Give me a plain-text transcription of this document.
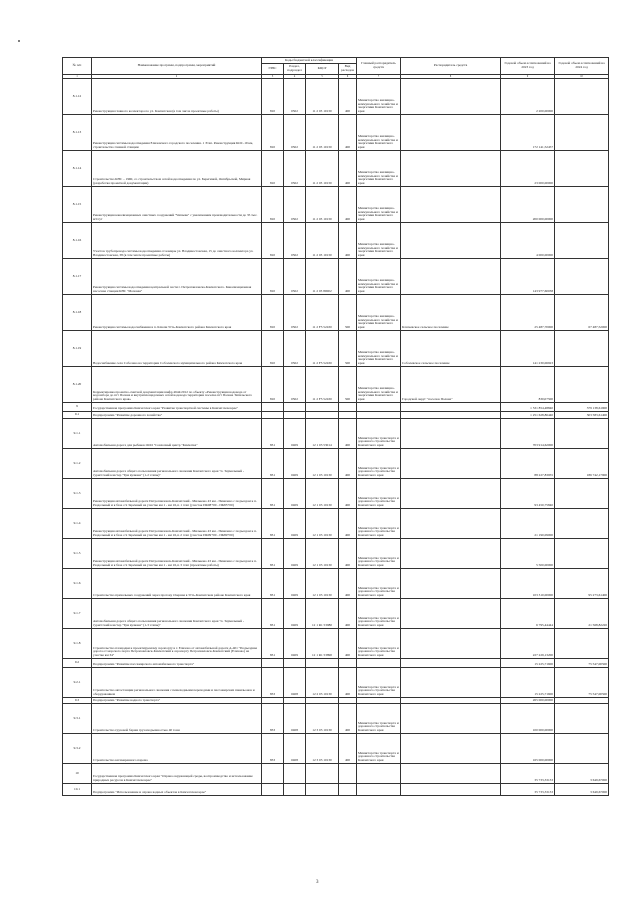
№ п/п	Наименование программ, подпрограмм, мероприятий	Коды бюджетной классификации				Главный распорядитель средств	Распорядитель средств	Годовой объем ассигнований на 2023 год	Годовой объем ассигнований на 2024 год
		ГРБС	Раздел, подраздел	КЦСР	Вид расходов				
1	2	3	4	5	6	7	8	9	10
8.1.12	Реконструкция главного коллектора по ул. Камчатская (в том числе проектные работы)	810	0502	11 2 03 10130	400	Министерство жилищно-коммунального хозяйства и энергетики Камчатского края		2 200,00000	
8.1.13	Реконструкция системы водоотведения Елизовского городского поселения. 1 Этап. Реконструкция КОС-19 км, строительство главной станции	810	0502	11 2 03 10130	400	Министерство жилищно-коммунального хозяйства и энергетики Камчатского края		172 141,52457	
8.1.14	Строительство КНС – 19Ш, со строительством сетей водоотведения по ул. Берегиной, Октябрьской, Мирная (разработка проектной документации)	810	0502	11 2 03 10130	400	Министерство жилищно-коммунального хозяйства и энергетики Камчатского края		23 000,00000	
8.1.15	Реконструкция канализационных очистных сооружений "Чапаева" с увеличением производительности до 35 тыс. м3/сут	810	0502	11 2 03 10130	400	Министерство жилищно-коммунального хозяйства и энергетики Камчатского края		200 000,00000	
8.1.16	Участок трубопровода системы водоотведения от камеры ул. Владивостокская, 15 до очистного коллектора ул. Владивостокская, 38 (в том числе проектные работы)	810	0502	11 2 03 10130	400	Министерство жилищно-коммунального хозяйства и энергетики Камчатского края		4 000,00000	
8.1.17	Реконструкция системы водоотведения центральной части г. Петропавловска-Камчатского. Канализационная насосная станция КНС "Моховая"	810	0502	11 2 03 80002	400	Министерство жилищно-коммунального хозяйства и энергетики Камчатского края		143 977,60038	
8.1.18	Реконструкция системы водоснабжения в п. Ключи Усть-Камчатского района Камчатского края	810	0502	11 2 F5 52430	500	Министерство жилищно-коммунального хозяйства и энергетики Камчатского края	Ключевское сельское поселение	25 487,70000	67 487,52000
8.1.19	Водоснабжение села Соболево на территории Соболевского муниципального района Камчатского края	810	0502	11 2 F5 52430	500	Министерство жилищно-коммунального хозяйства и энергетики Камчатского края	Соболевское сельское поселение	141 230,06923	
8.1.20	Корректировка проектно-сметной документации шифр 4644/2012 по объекту «Реконструкция водовода от водозабора до пгт Палана и внутриплощадочных сетей водовода территории поселка пгт Палана Тигильского района Камчатского края»	810	0502	11 2 F5 52430	500	Министерство жилищно-коммунального хозяйства и энергетики Камчатского края	Городской округ "поселок Палана"	830,07500	
9	Государственная программа Камчатского края "Развитие транспортной системы в Камчатском крае"							1 531 854,48840	379 138,61900
9.1	Подпрограмма "Развитие дорожного хозяйства"							1 251 628,86440	303 583,61400
9.1.1	Автомобильная дорога для рыбаков ООО "Совхозный центр "Камчатка"	831	0409	12 1 03 53014	400	Министерство транспорта и дорожного строительства Камчатского края		703 914,62000	
9.1.2	Автомобильная дорога общего пользования регионального значения Камчатского края "п. Термальный - туристский кластер "Три вулкана" (1-2 этапы)"	831	0409	12 1 03 10130	400	Министерство транспорта и дорожного строительства Камчатского края		88 227,83955	186 742,17900
9.1.3	Реконструкция автомобильной дороги Петропавловск-Камчатский - Мильково 43 км - Пиначево с подъездом к п. Раздольный и к базе с/х Заречный на участке км 1 - км 16,4. 1 этап (участок ПК08+00 - ПК85+00)	831	0409	12 1 03 10130	400	Министерство транспорта и дорожного строительства Камчатского края		93 450,75840	
9.1.4	Реконструкция автомобильной дороги Петропавловск-Камчатский - Мильково 43 км - Пиначево с подъездом к п. Раздольный и к базе с/х Заречный на участке км 1 - км 16,4. 2 этап (участок ПК09+00 - ПК89+00)	831	0409	12 1 03 10130	400	Министерство транспорта и дорожного строительства Камчатского края		21 190,09000	
9.1.5	Реконструкция автомобильной дороги Петропавловск-Камчатский - Мильково 43 км - Пиначево с подъездом к п. Раздольный и к базе с/х Заречный на участке км 1 - км 16,4. 3 этап (проектные работы)	831	0409	12 1 03 10130	400	Министерство транспорта и дорожного строительства Камчатского края		5 500,00000	
9.1.6	Строительство причальных сооружений через протоку Озерная в Усть-Камчатском районе Камчатского края	831	0409	12 1 03 10130	400	Министерство транспорта и дорожного строительства Камчатского края		103 310,00000	95 273,61400
9.1.7	Автомобильная дорога общего пользования регионального значения Камчатского края "п. Термальный - туристский кластер "Три вулкана" (1-3 этапы)"	831	0409	12 1 R1 53980	400	Министерство транспорта и дорожного строительства Камчатского края		6 795,44444	21 568,82220
9.1.8	Строительство площадки к проектируемому аэропорту в г. Елизово от автомобильной дороги А-401 "Подъездная дорога от морского порта Петропавловск-Камчатский к аэропорту Петропавловск-Камчатский (Елизово) на участке км 34"	831	0409	12 1 R1 53890	400	Министерство транспорта и дорожного строительства Камчатского края		227 229,13200	
9.2	Подпрограмма "Развитие пассажирского автомобильного транспорта"							15 225,71600	75 547,00500
9.2.1	Строительство автостанции регионального значения с пешеходными переходами и пассажирских павильонов и оборудованием	833	0408	12 2 03 10130	400	Министерство транспорта и дорожного строительства Камчатского края		15 225,71600	75 547,00500
9.3	Подпрограмма "Развитие водного транспорта"							265 000,00000	
9.3.1	Строительство грузовой баржи грузоподъемностью 40 тонн	833	0408	12 3 03 10130	400	Министерство транспорта и дорожного строительства Камчатского края		100 000,00000	
9.3.2	Строительство катамаранного парома	833	0408	12 3 03 10130	400	Министерство транспорта и дорожного строительства Камчатского края		165 000,00000	
10	Государственная программа Камчатского края "Охрана окружающей среды, воспроизводство и использование природных ресурсов в Камчатском крае"							35 733,33133	3 649,67000
10.1	Подпрограмма "Использование и охрана водных объектов в Камчатском крае"							35 733,33133	3 649,67000
3
